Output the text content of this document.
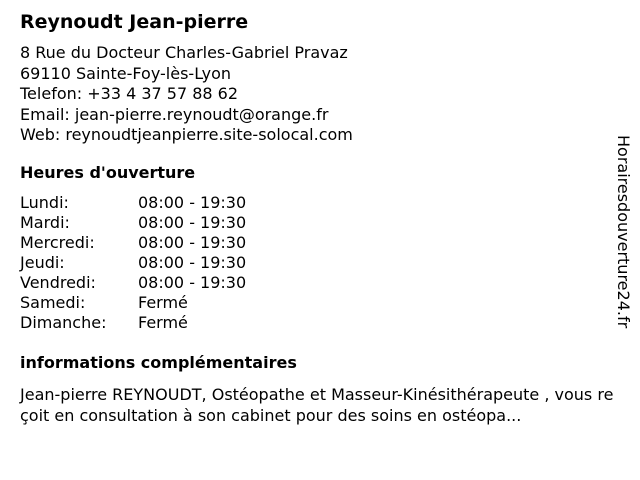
Reynoudt Jean-pierre
8 Rue du Docteur Charles-Gabriel Pravaz
69110 Sainte-Foy-lès-Lyon
Telefon: +33 4 37 57 88 62
Email: jean-pierre.reynoudt@orange.fr
Web: reynoudtjeanpierre.site-solocal.com
Heures d'ouverture
Lundi:	08:00 - 19:30
Mardi:	08:00 - 19:30
Mercredi:	08:00 - 19:30
Jeudi:	08:00 - 19:30
Vendredi:	08:00 - 19:30
Samedi:	Fermé
Dimanche:	Fermé
informations complémentaires
Jean-pierre REYNOUDT, Ostéopathe et Masseur-Kinésithérapeute , vous reçoit en consultation à son cabinet pour des soins en ostéopa...
Horairesdouverture24.fr
